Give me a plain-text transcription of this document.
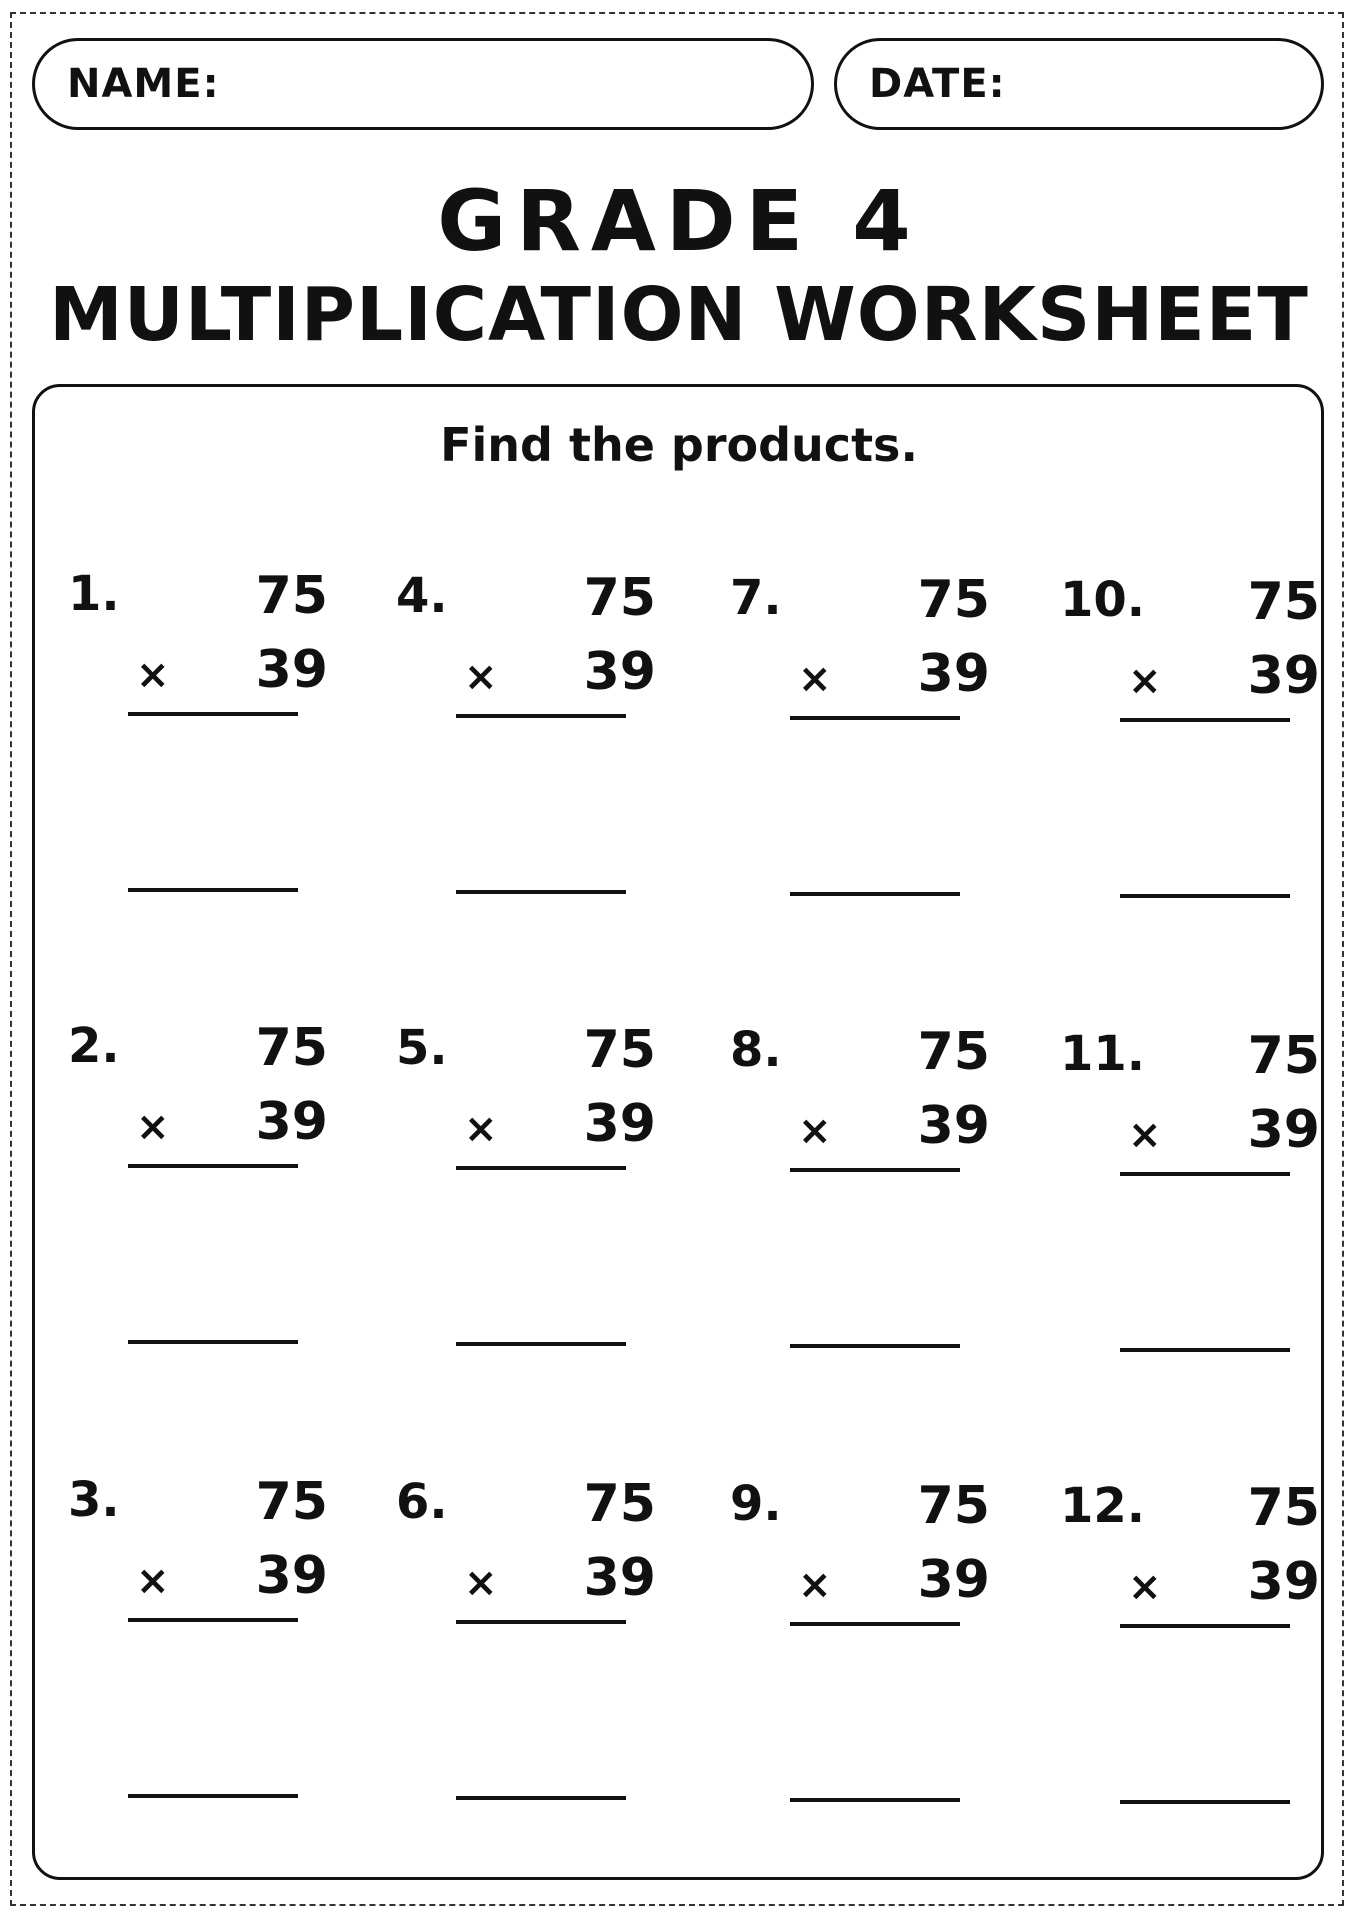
NAME:	DATE:
GRADE 4
MULTIPLICATION WORKSHEET
Find the products.
1.	75
×	39
2.	75
×	39
3.	75
×	39
4.	75
×	39
5.	75
×	39
6.	75
×	39
7.	75
×	39
8.	75
×	39
9.	75
×	39
10.	75
×	39
11.	75
×	39
12.	75
×	39
